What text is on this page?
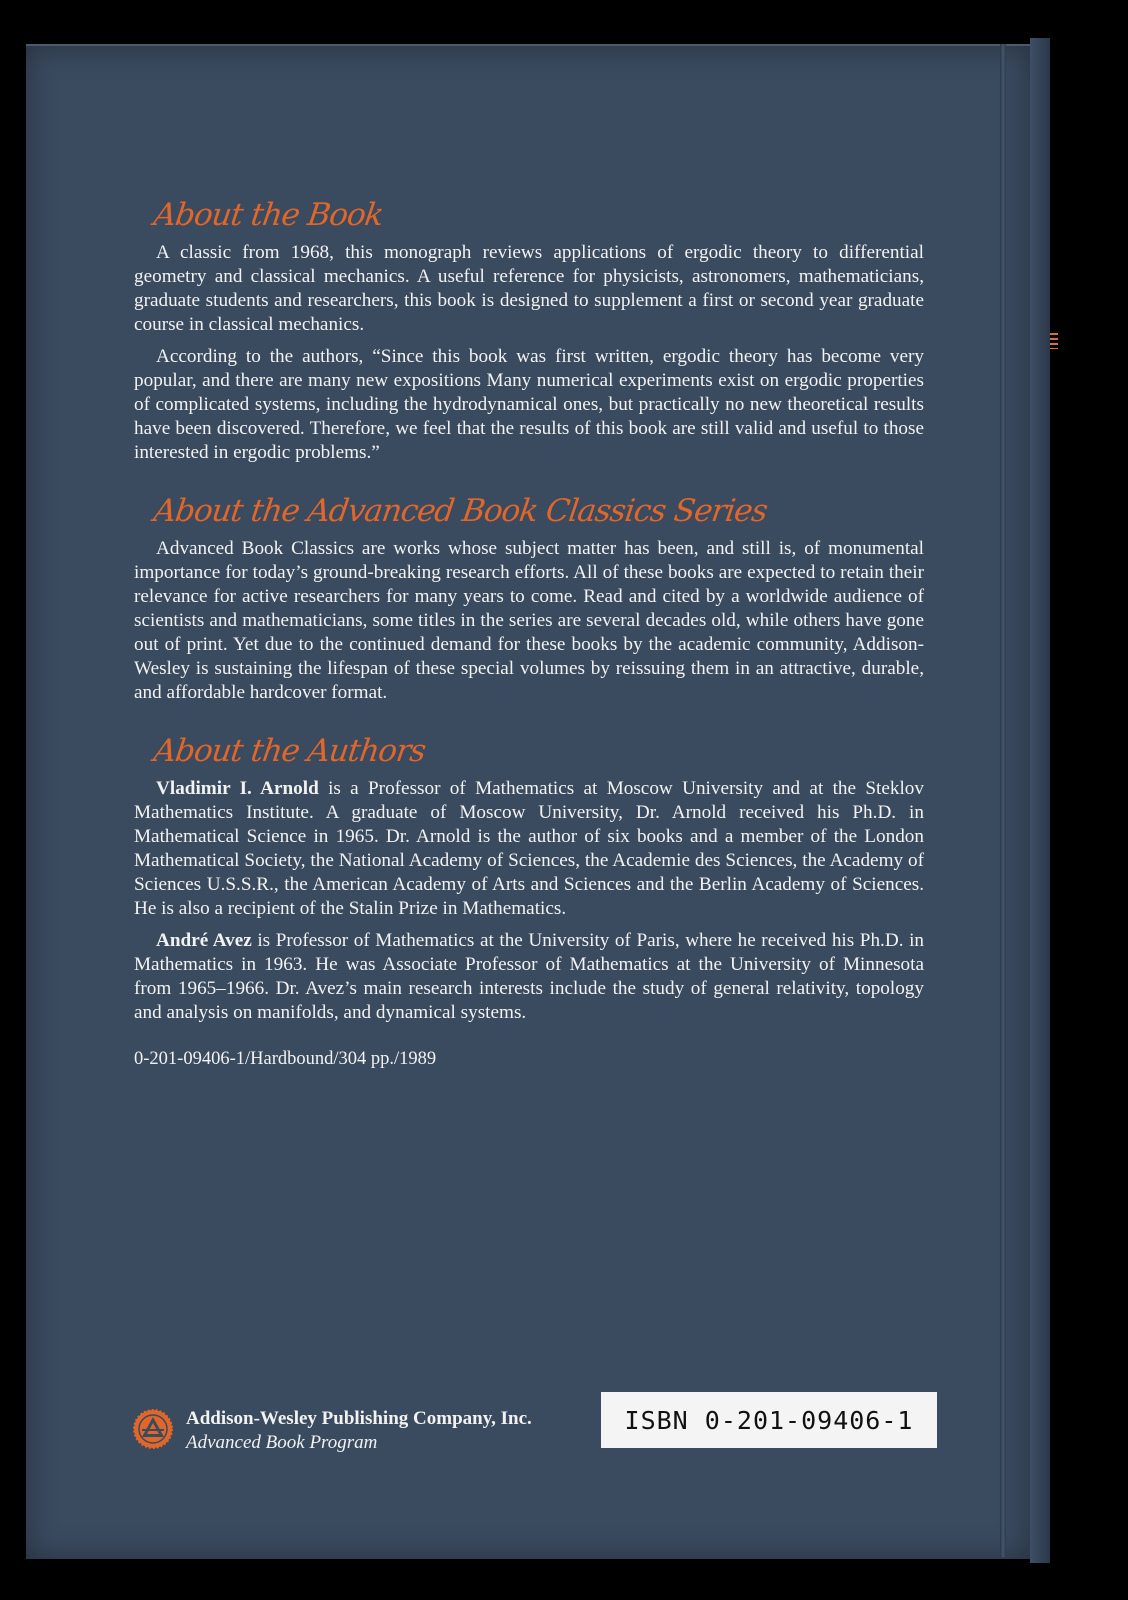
About the Book

A classic from 1968, this monograph reviews applications of ergodic theory to differential geometry and classical mechanics. A useful reference for physicists, astronomers, mathematicians, graduate students and researchers, this book is designed to supplement a first or second year graduate course in classical mechanics.

According to the authors, “Since this book was first written, ergodic theory has become very popular, and there are many new expositions Many numerical experiments exist on ergodic properties of complicated systems, including the hydrodynamical ones, but practically no new theoretical results have been discovered. Therefore, we feel that the results of this book are still valid and useful to those interested in ergodic problems.”

About the Advanced Book Classics Series

Advanced Book Classics are works whose subject matter has been, and still is, of monumental importance for today’s ground-breaking research efforts. All of these books are expected to retain their relevance for active researchers for many years to come. Read and cited by a worldwide audience of scientists and mathematicians, some titles in the series are several decades old, while others have gone out of print. Yet due to the continued demand for these books by the academic community, Addison-Wesley is sustaining the lifespan of these special volumes by reissuing them in an attractive, durable, and affordable hardcover format.

About the Authors

Vladimir I. Arnold is a Professor of Mathematics at Moscow University and at the Steklov Mathematics Institute. A graduate of Moscow University, Dr. Arnold received his Ph.D. in Mathematical Science in 1965. Dr. Arnold is the author of six books and a member of the London Mathematical Society, the National Academy of Sciences, the Academie des Sciences, the Academy of Sciences U.S.S.R., the American Academy of Arts and Sciences and the Berlin Academy of Sciences. He is also a recipient of the Stalin Prize in Mathematics.

André Avez is Professor of Mathematics at the University of Paris, where he received his Ph.D. in Mathematics in 1963. He was Associate Professor of Mathematics at the University of Minnesota from 1965–1966. Dr. Avez’s main research interests include the study of general relativity, topology and analysis on manifolds, and dynamical systems.

0-201-09406-1/Hardbound/304 pp./1989
Addison-Wesley Publishing Company, Inc.
Advanced Book Program
ISBN 0-201-09406-1
